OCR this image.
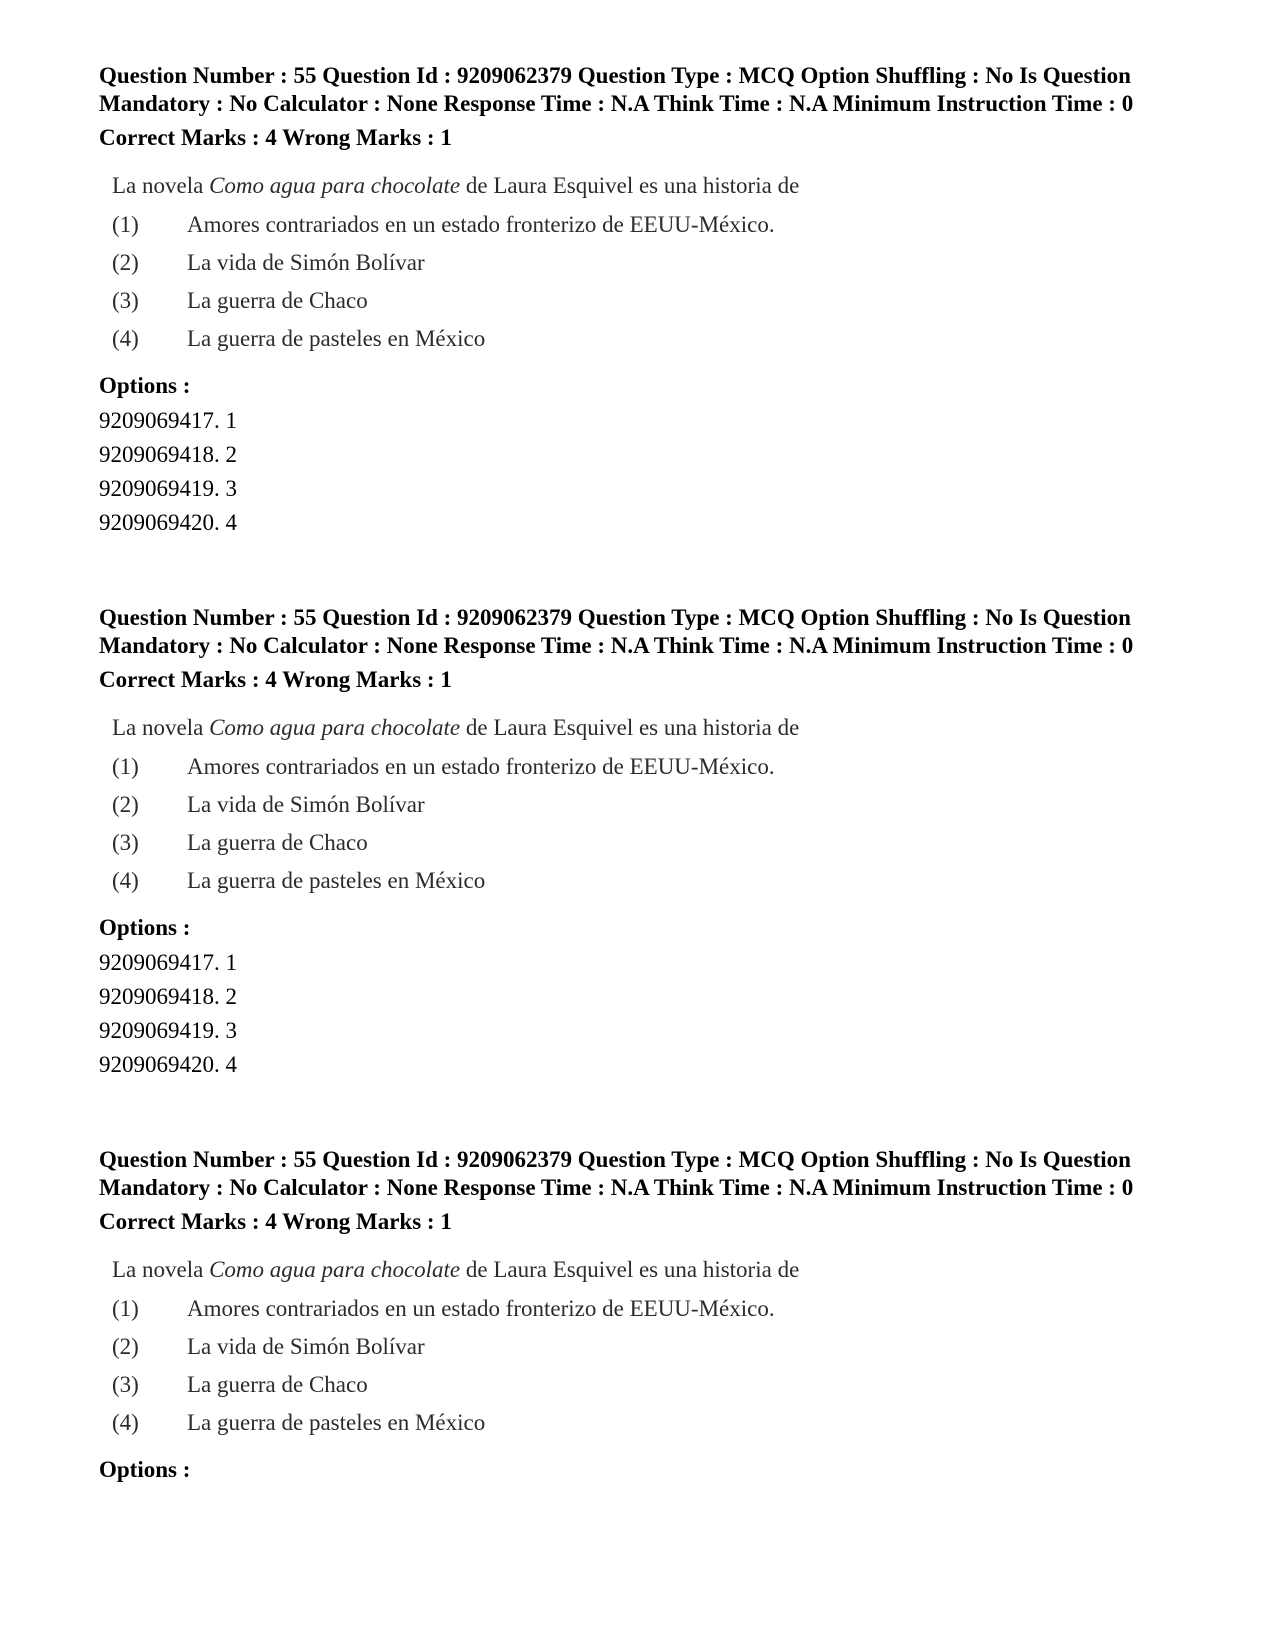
Question Number : 55 Question Id : 9209062379 Question Type : MCQ Option Shuffling : No Is Question Mandatory : No Calculator : None Response Time : N.A Think Time : N.A Minimum Instruction Time : 0

Correct Marks : 4 Wrong Marks : 1

La novela Como agua para chocolate de Laura Esquivel es una historia de
(1)	Amores contrariados en un estado fronterizo de EEUU-México.
(2)	La vida de Simón Bolívar
(3)	La guerra de Chaco
(4)	La guerra de pasteles en México
Options :
9209069417. 1
9209069418. 2
9209069419. 3
9209069420. 4

Question Number : 55 Question Id : 9209062379 Question Type : MCQ Option Shuffling : No Is Question Mandatory : No Calculator : None Response Time : N.A Think Time : N.A Minimum Instruction Time : 0

Correct Marks : 4 Wrong Marks : 1

La novela Como agua para chocolate de Laura Esquivel es una historia de
(1)	Amores contrariados en un estado fronterizo de EEUU-México.
(2)	La vida de Simón Bolívar
(3)	La guerra de Chaco
(4)	La guerra de pasteles en México
Options :
9209069417. 1
9209069418. 2
9209069419. 3
9209069420. 4

Question Number : 55 Question Id : 9209062379 Question Type : MCQ Option Shuffling : No Is Question Mandatory : No Calculator : None Response Time : N.A Think Time : N.A Minimum Instruction Time : 0

Correct Marks : 4 Wrong Marks : 1

La novela Como agua para chocolate de Laura Esquivel es una historia de
(1)	Amores contrariados en un estado fronterizo de EEUU-México.
(2)	La vida de Simón Bolívar
(3)	La guerra de Chaco
(4)	La guerra de pasteles en México
Options :
